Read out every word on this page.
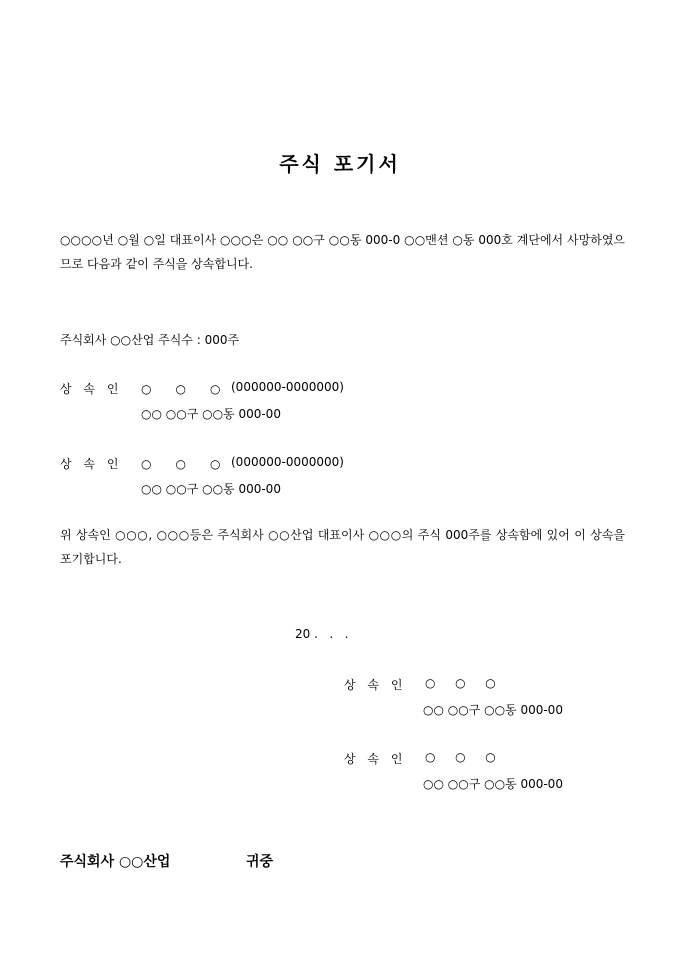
주식 포기서
○○○○년 ○월 ○일 대표이사 ○○○은 ○○ ○○구 ○○동 000-0 ○○맨션 ○동 000호 계단에서 사망하였으므로 다음과 같이 주식을 상속합니다.
주식회사 ○○산업 주식수 : 000주
상 속 인 ○　○　○ (000000-0000000)
○○ ○○구 ○○동 000-00
상 속 인 ○　○　○ (000000-0000000)
○○ ○○구 ○○동 000-00
위 상속인 ○○○, ○○○등은 주식회사 ○○산업 대표이사 ○○○의 주식 000주를 상속함에 있어 이 상속을 포기합니다.
20 .   .   .
상 속 인 ○  ○  ○
○○ ○○구 ○○동 000-00
상 속 인 ○  ○  ○
○○ ○○구 ○○동 000-00
주식회사 ○○산업	귀중
